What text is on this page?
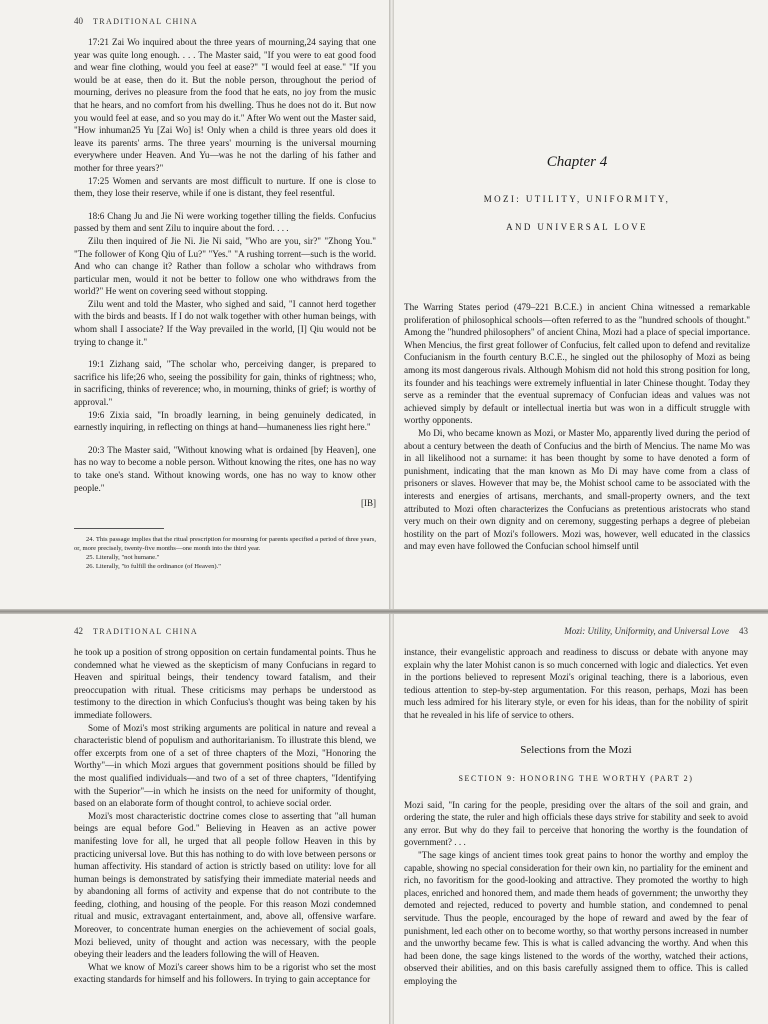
40 TRADITIONAL CHINA

17:21 Zai Wo inquired about the three years of mourning,24 saying that one year was quite long enough. . . . The Master said, "If you were to eat good food and wear fine clothing, would you feel at ease?" "I would feel at ease." "If you would be at ease, then do it. But the noble person, throughout the period of mourning, derives no pleasure from the food that he eats, no joy from the music that he hears, and no comfort from his dwelling. Thus he does not do it. But now you would feel at ease, and so you may do it." After Wo went out the Master said, "How inhuman25 Yu [Zai Wo] is! Only when a child is three years old does it leave its parents' arms. The three years' mourning is the universal mourning everywhere under Heaven. And Yu—was he not the darling of his father and mother for three years?"

17:25 Women and servants are most difficult to nurture. If one is close to them, they lose their reserve, while if one is distant, they feel resentful.

18:6 Chang Ju and Jie Ni were working together tilling the fields. Confucius passed by them and sent Zilu to inquire about the ford. . . .

Zilu then inquired of Jie Ni. Jie Ni said, "Who are you, sir?" "Zhong You." "The follower of Kong Qiu of Lu?" "Yes." "A rushing torrent—such is the world. And who can change it? Rather than follow a scholar who withdraws from particular men, would it not be better to follow one who withdraws from the world?" He went on covering seed without stopping.

Zilu went and told the Master, who sighed and said, "I cannot herd together with the birds and beasts. If I do not walk together with other human beings, with whom shall I associate? If the Way prevailed in the world, [I] Qiu would not be trying to change it."

19:1 Zizhang said, "The scholar who, perceiving danger, is prepared to sacrifice his life;26 who, seeing the possibility for gain, thinks of rightness; who, in sacrificing, thinks of reverence; who, in mourning, thinks of grief; is worthy of approval."

19:6 Zixia said, "In broadly learning, in being genuinely dedicated, in earnestly inquiring, in reflecting on things at hand—humaneness lies right here."

20:3 The Master said, "Without knowing what is ordained [by Heaven], one has no way to become a noble person. Without knowing the rites, one has no way to take one's stand. Without knowing words, one has no way to know other people."

[IB]

24. This passage implies that the ritual prescription for mourning for parents specified a period of three years, or, more precisely, twenty-five months—one month into the third year.

25. Literally, "not humane."

26. Literally, "to fulfill the ordinance (of Heaven)."

Chapter 4
MOZI: UTILITY, UNIFORMITY,
AND UNIVERSAL LOVE

The Warring States period (479–221 B.C.E.) in ancient China witnessed a remarkable proliferation of philosophical schools—often referred to as the "hundred schools of thought." Among the "hundred philosophers" of ancient China, Mozi had a place of special importance. When Mencius, the first great follower of Confucius, felt called upon to defend and revitalize Confucianism in the fourth century B.C.E., he singled out the philosophy of Mozi as being among its most dangerous rivals. Although Mohism did not hold this strong position for long, its founder and his teachings were extremely influential in later Chinese thought. Today they serve as a reminder that the eventual supremacy of Confucian ideas and values was not achieved simply by default or intellectual inertia but was won in a difficult struggle with worthy opponents.

Mo Di, who became known as Mozi, or Master Mo, apparently lived during the period of about a century between the death of Confucius and the birth of Mencius. The name Mo was in all likelihood not a surname: it has been thought by some to have denoted a form of punishment, indicating that the man known as Mo Di may have come from a class of prisoners or slaves. However that may be, the Mohist school came to be associated with the interests and energies of artisans, merchants, and small-property owners, and the text attributed to Mozi often characterizes the Confucians as pretentious aristocrats who stand very much on their own dignity and on ceremony, suggesting perhaps a degree of plebeian hostility on the part of Mozi's followers. Mozi was, however, well educated in the classics and may even have followed the Confucian school himself until

42 TRADITIONAL CHINA

he took up a position of strong opposition on certain fundamental points. Thus he condemned what he viewed as the skepticism of many Confucians in regard to Heaven and spiritual beings, their tendency toward fatalism, and their preoccupation with ritual. These criticisms may perhaps be understood as testimony to the direction in which Confucius's thought was being taken by his immediate followers.

Some of Mozi's most striking arguments are political in nature and reveal a characteristic blend of populism and authoritarianism. To illustrate this blend, we offer excerpts from one of a set of three chapters of the Mozi, "Honoring the Worthy"—in which Mozi argues that government positions should be filled by the most qualified individuals—and two of a set of three chapters, "Identifying with the Superior"—in which he insists on the need for uniformity of thought, based on an elaborate form of thought control, to achieve social order.

Mozi's most characteristic doctrine comes close to asserting that "all human beings are equal before God." Believing in Heaven as an active power manifesting love for all, he urged that all people follow Heaven in this by practicing universal love. But this has nothing to do with love between persons or human affectivity. His standard of action is strictly based on utility: love for all human beings is demonstrated by satisfying their immediate material needs and by abandoning all forms of activity and expense that do not contribute to the feeding, clothing, and housing of the people. For this reason Mozi condemned ritual and music, extravagant entertainment, and, above all, offensive warfare. Moreover, to concentrate human energies on the achievement of social goals, Mozi believed, unity of thought and action was necessary, with the people obeying their leaders and the leaders following the will of Heaven.

What we know of Mozi's career shows him to be a rigorist who set the most exacting standards for himself and his followers. In trying to gain acceptance for

Mozi: Utility, Uniformity, and Universal Love 43

instance, their evangelistic approach and readiness to discuss or debate with anyone may explain why the later Mohist canon is so much concerned with logic and dialectics. Yet even in the portions believed to represent Mozi's original teaching, there is a laborious, even tedious attention to step-by-step argumentation. For this reason, perhaps, Mozi has been much less admired for his literary style, or even for his ideas, than for the nobility of spirit that he revealed in his life of service to others.

Selections from the Mozi
SECTION 9: HONORING THE WORTHY (PART 2)

Mozi said, "In caring for the people, presiding over the altars of the soil and grain, and ordering the state, the ruler and high officials these days strive for stability and seek to avoid any error. But why do they fail to perceive that honoring the worthy is the foundation of government? . . .

"The sage kings of ancient times took great pains to honor the worthy and employ the capable, showing no special consideration for their own kin, no partiality for the eminent and rich, no favoritism for the good-looking and attractive. They promoted the worthy to high places, enriched and honored them, and made them heads of government; the unworthy they demoted and rejected, reduced to poverty and humble station, and condemned to penal servitude. Thus the people, encouraged by the hope of reward and awed by the fear of punishment, led each other on to become worthy, so that worthy persons increased in number and the unworthy became few. This is what is called advancing the worthy. And when this had been done, the sage kings listened to the words of the worthy, watched their actions, observed their abilities, and on this basis carefully assigned them to office. This is called employing the
